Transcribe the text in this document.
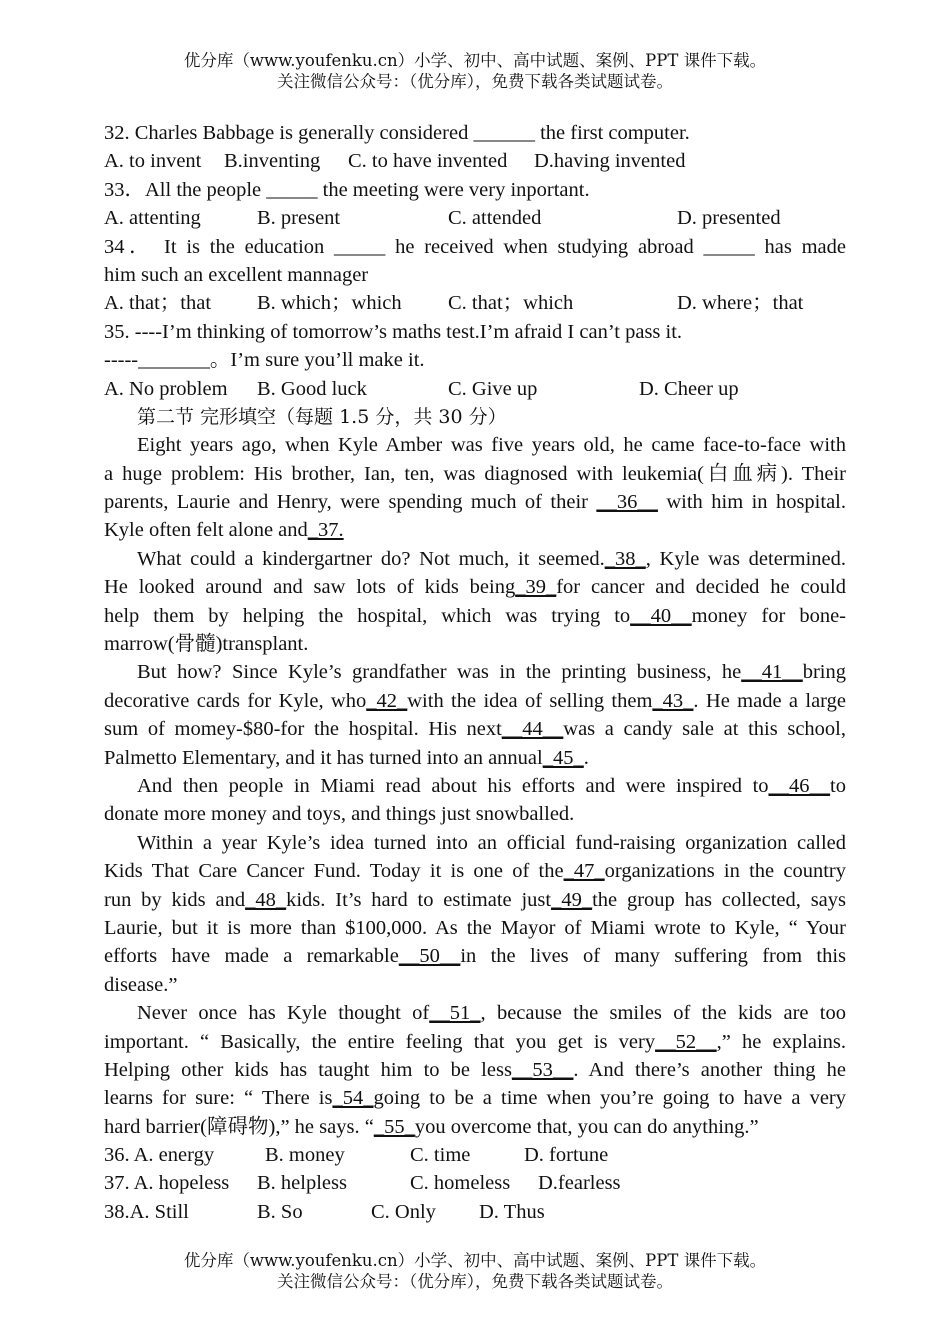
优分库（www.youfenku.cn）小学、初中、高中试题、案例、PPT 课件下载。
关注微信公众号：（优分库），免费下载各类试题试卷。
32. Charles Babbage is generally considered ______ the first computer.
A. to invent B.inventing C. to have invented D.having invented
33．All the people _____ the meeting were very inportant.
A. attenting	B. present	C. attended	D. presented
34． It is the education _____ he received when studying abroad _____ has made
him such an excellent mannager
A. that；that B. which；which C. that；which	D. where；that
35. ----I’m thinking of tomorrow’s maths test.I’m afraid I can’t pass it.
-----_______。I’m sure you’ll make it.
A. No problem B. Good luck	C. Give up	D. Cheer up
第二节 完形填空（每题 1.5 分，共 30 分）
Eight years ago, when Kyle Amber was five years old, he came face-to-face with
a huge problem: His brother, Ian, ten, was diagnosed with leukemia(白血病). Their
parents, Laurie and Henry, were spending much of their __36__ with him in hospital.
Kyle often felt alone and_37.
What could a kindergartner do? Not much, it seemed._38_, Kyle was determined.
He looked around and saw lots of kids being_39_for cancer and decided he could
help them by helping the hospital, which was trying to__40__money for bone-
marrow(骨髓)transplant.
But how? Since Kyle’s grandfather was in the printing business, he__41__bring
decorative cards for Kyle, who_42_with the idea of selling them_43_. He made a large
sum of momey-$80-for the hospital. His next__44__was a candy sale at this school,
Palmetto Elementary, and it has turned into an annual_45_.
And then people in Miami read about his efforts and were inspired to__46__to
donate more money and toys, and things just snowballed.
Within a year Kyle’s idea turned into an official fund-raising organization called
Kids That Care Cancer Fund. Today it is one of the_47_organizations in the country
run by kids and_48_kids. It’s hard to estimate just_49_the group has collected, says
Laurie, but it is more than $100,000. As the Mayor of Miami wrote to Kyle, “ Your
efforts have made a remarkable__50__in the lives of many suffering from this
disease.”
Never once has Kyle thought of__51_, because the smiles of the kids are too
important. “ Basically, the entire feeling that you get is very__52__,” he explains.
Helping other kids has taught him to be less__53__. And there’s another thing he
learns for sure: “ There is_54_going to be a time when you’re going to have a very
hard barrier(障碍物),” he says. “_55_you overcome that, you can do anything.”
36. A. energy B. money	C. time	D. fortune
37. A. hopeless B. helpless	C. homeless D.fearless
38.A. Still	B. So	C. Only D. Thus
优分库（www.youfenku.cn）小学、初中、高中试题、案例、PPT 课件下载。
关注微信公众号：（优分库），免费下载各类试题试卷。
